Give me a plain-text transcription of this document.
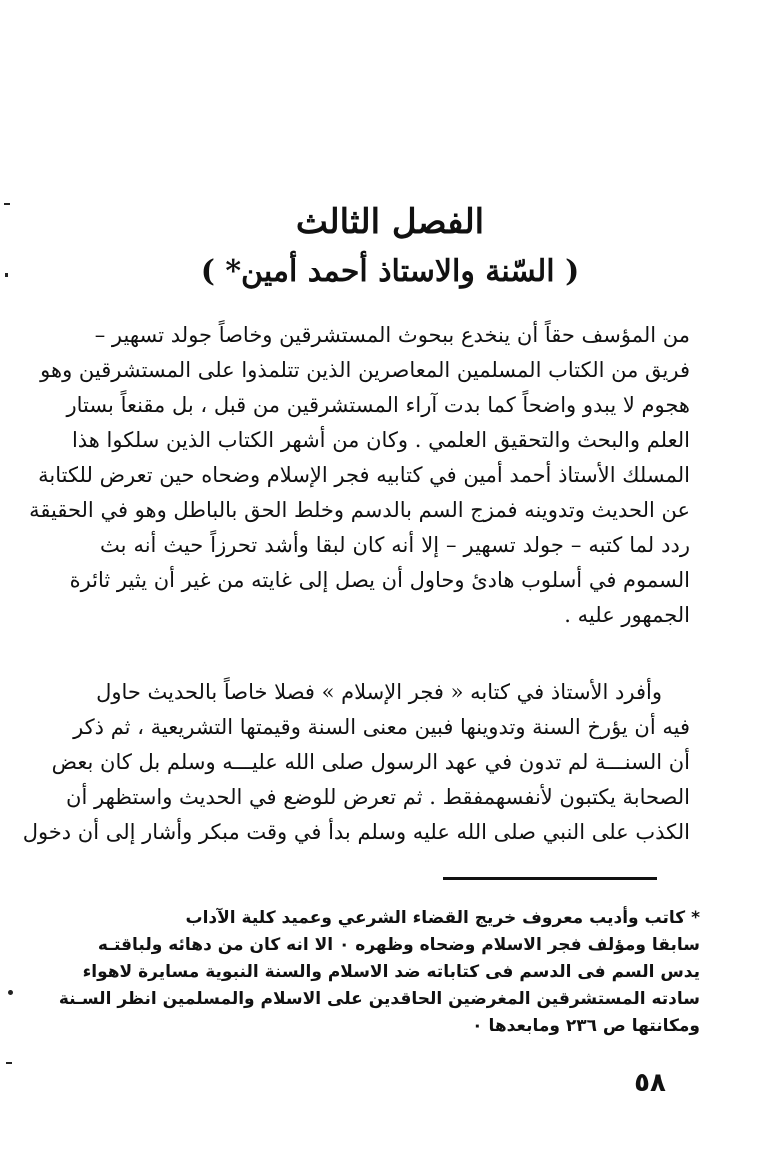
الفصل الثالث
( السّنة والاستاذ أحمد أمين* )
من المؤسف حقاً أن ينخدع ببحوث المستشرقين وخاصاً جولد تسهير –
فريق من الكتاب المسلمين المعاصرين الذين تتلمذوا على المستشرقين وهو
هجوم لا يبدو واضحاً كما بدت آراء المستشرقين من قبل ، بل مقنعاً بستار
العلم والبحث والتحقيق العلمي . وكان من أشهر الكتاب الذين سلكوا هذا
المسلك الأستاذ أحمد أمين في كتابيه فجر الإسلام وضحاه حين تعرض للكتابة
عن الحديث وتدوينه فمزج السم بالدسم وخلط الحق بالباطل وهو في الحقيقة
ردد لما كتبه – جولد تسهير – إلا أنه كان لبقا وأشد تحرزاً حيث أنه بث
السموم في أسلوب هادئ وحاول أن يصل إلى غايته من غير أن يثير ثائرة
الجمهور عليه .
وأفرد الأستاذ في كتابه « فجر الإسلام » فصلا خاصاً بالحديث حاول
فيه أن يؤرخ السنة وتدوينها فبين معنى السنة وقيمتها التشريعية ، ثم ذكر
أن السنـــة لم تدون في عهد الرسول صلى الله عليـــه وسلم بل كان بعض
الصحابة يكتبون لأنفسهمفقط . ثم تعرض للوضع في الحديث واستظهر أن
الكذب على النبي صلى الله عليه وسلم بدأ في وقت مبكر وأشار إلى أن دخول
* كاتب وأديب معروف خريج القضاء الشرعي وعميد كلية الآداب
سابقا ومؤلف فجر الاسلام وضحاه وظهره ٠ الا انه كان من دهائه ولباقتـه
يدس السم فى الدسم فى كتاباته ضد الاسلام والسنة النبوية مسايرة لاهواء
سادته المستشرقين المغرضين الحاقدين على الاسلام والمسلمين انظر السـنة
ومكانتها ص ٢٣٦ ومابعدها ٠
٥٨
